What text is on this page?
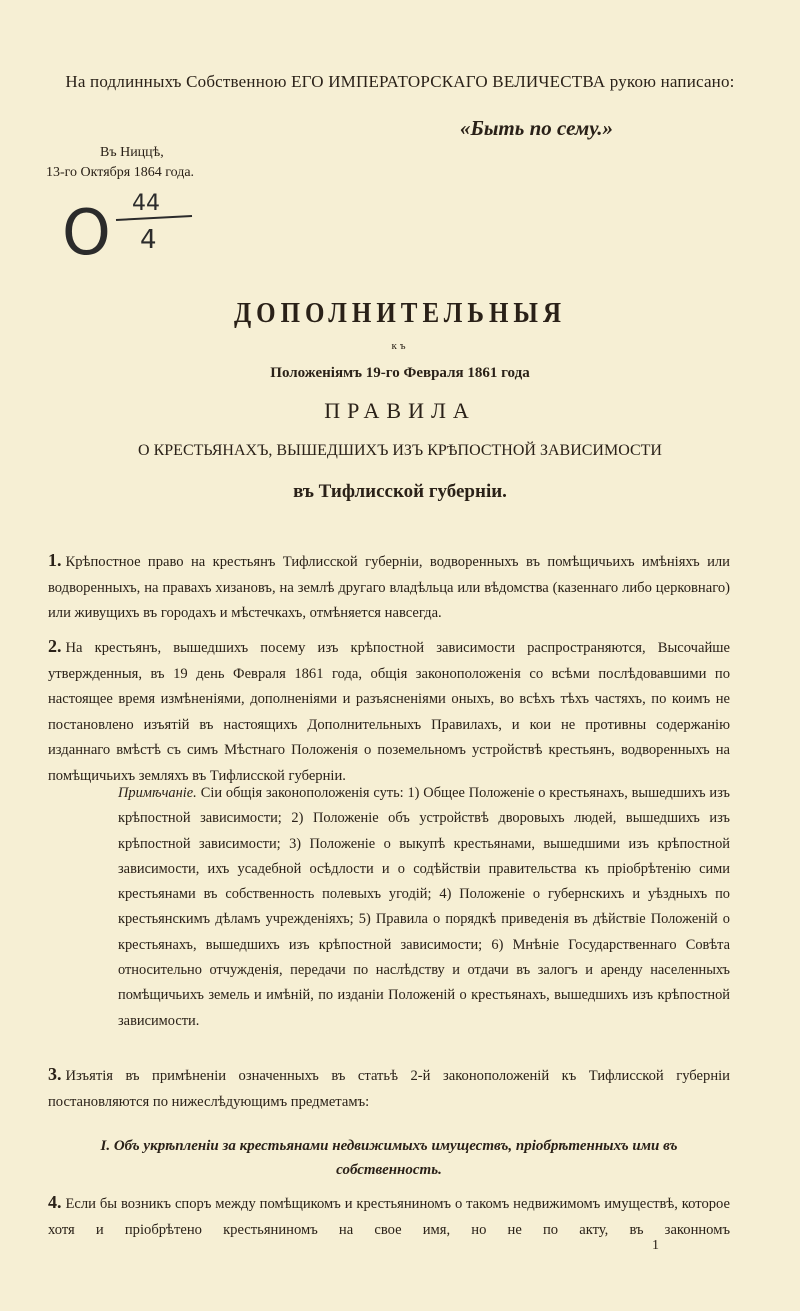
На подлинныхъ Собственною ЕГО ИМПЕРАТОРСКАГО ВЕЛИЧЕСТВА рукою написано:
«Быть по сему.»
Въ Ниццѣ,
13-го Октября 1864 года.
О 44
4
ДОПОЛНИТЕЛЬНЫЯ
къ
Положеніямъ 19-го Февраля 1861 года
ПРАВИЛА
О КРЕСТЬЯНАХЪ, ВЫШЕДШИХЪ ИЗЪ КРѢПОСТНОЙ ЗАВИСИМОСТИ
въ Тифлисской губерніи.
1. Крѣпостное право на крестьянъ Тифлисской губерніи, водворенныхъ въ помѣщичьихъ имѣніяхъ или водворенныхъ, на правахъ хизановъ, на землѣ другаго владѣльца или вѣдомства (казеннаго либо церковнаго) или живущихъ въ городахъ и мѣстечкахъ, отмѣняется навсегда.
2. На крестьянъ, вышедшихъ посему изъ крѣпостной зависимости распространяются, Высочайше утвержденныя, въ 19 день Февраля 1861 года, общія законоположенія со всѣми послѣдовавшими по настоящее время измѣненіями, дополненіями и разъясненіями оныхъ, во всѣхъ тѣхъ частяхъ, по коимъ не постановлено изъятій въ настоящихъ Дополнительныхъ Правилахъ, и кои не противны содержанію изданнаго вмѣстѣ съ симъ Мѣстнаго Положенія о поземельномъ устройствѣ крестьянъ, водворенныхъ на помѣщичьихъ земляхъ въ Тифлисской губерніи.
Примѣчаніе. Сіи общія законоположенія суть: 1) Общее Положеніе о крестьянахъ, вышедшихъ изъ крѣпостной зависимости; 2) Положеніе объ устройствѣ дворовыхъ людей, вышедшихъ изъ крѣпостной зависимости; 3) Положеніе о выкупѣ крестьянами, вышедшими изъ крѣпостной зависимости, ихъ усадебной осѣдлости и о содѣйствіи правительства къ пріобрѣтенію сими крестьянами въ собственность полевыхъ угодій; 4) Положеніе о губернскихъ и уѣздныхъ по крестьянскимъ дѣламъ учрежденіяхъ; 5) Правила о порядкѣ приведенія въ дѣйствіе Положеній о крестьянахъ, вышедшихъ изъ крѣпостной зависимости; 6) Мнѣніе Государственнаго Совѣта относительно отчужденія, передачи по наслѣдству и отдачи въ залогъ и аренду населенныхъ помѣщичьихъ земель и имѣній, по изданіи Положеній о крестьянахъ, вышедшихъ изъ крѣпостной зависимости.
3. Изъятія въ примѣненіи означенныхъ въ статьѣ 2-й законоположеній къ Тифлисской губерніи постановляются по нижеслѣдующимъ предметамъ:
I. Объ укрѣпленіи за крестьянами недвижимыхъ имуществъ, пріобрѣтенныхъ ими въ собственность.
4. Если бы возникъ споръ между помѣщикомъ и крестьяниномъ о такомъ недвижимомъ имуществѣ, которое хотя и пріобрѣтено крестьяниномъ на свое имя, но не по акту, въ законномъ
1
